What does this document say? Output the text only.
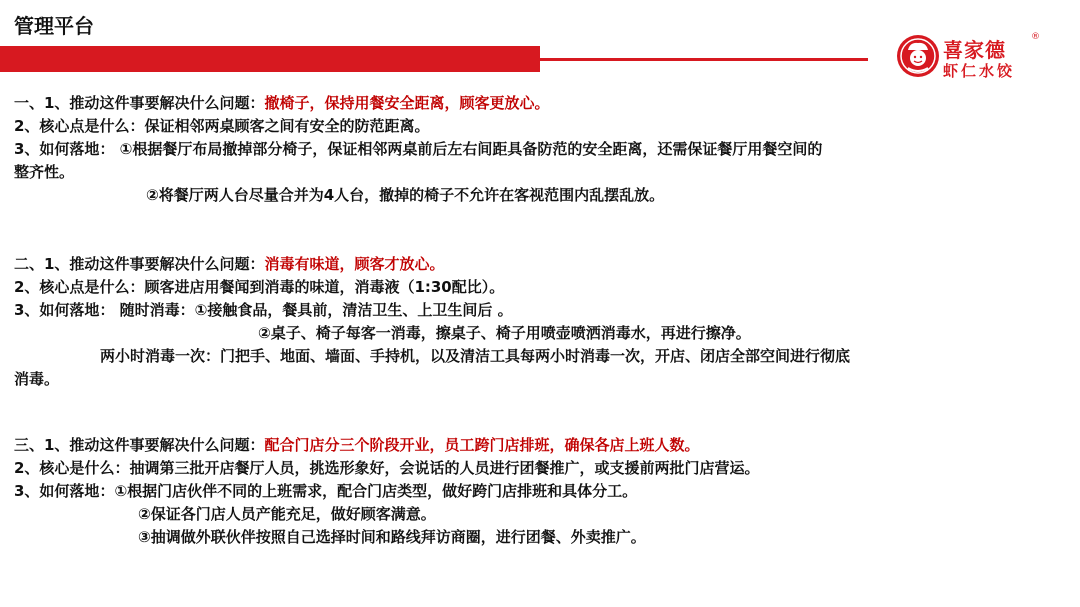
管理平台
喜家德
®
虾仁水饺
一、1、推动这件事要解决什么问题：撤椅子，保持用餐安全距离，顾客更放心。
2、核心点是什么：保证相邻两桌顾客之间有安全的防范距离。
3、如何落地： ①根据餐厅布局撤掉部分椅子，保证相邻两桌前后左右间距具备防范的安全距离，还需保证餐厅用餐空间的
整齐性。
②将餐厅两人台尽量合并为4人台，撤掉的椅子不允许在客视范围内乱摆乱放。
二、1、推动这件事要解决什么问题：消毒有味道，顾客才放心。
2、核心点是什么：顾客进店用餐闻到消毒的味道，消毒液（1:30配比）。
3、如何落地： 随时消毒：①接触食品，餐具前，清洁卫生、上卫生间后 。
②桌子、椅子每客一消毒，擦桌子、椅子用喷壶喷洒消毒水，再进行擦净。
两小时消毒一次：门把手、地面、墙面、手持机，以及清洁工具每两小时消毒一次，开店、闭店全部空间进行彻底
消毒。
三、1、推动这件事要解决什么问题：配合门店分三个阶段开业，员工跨门店排班，确保各店上班人数。
2、核心是什么：抽调第三批开店餐厅人员，挑选形象好，会说话的人员进行团餐推广，或支援前两批门店营运。
3、如何落地：①根据门店伙伴不同的上班需求，配合门店类型，做好跨门店排班和具体分工。
②保证各门店人员产能充足，做好顾客满意。
③抽调做外联伙伴按照自己选择时间和路线拜访商圈，进行团餐、外卖推广。
